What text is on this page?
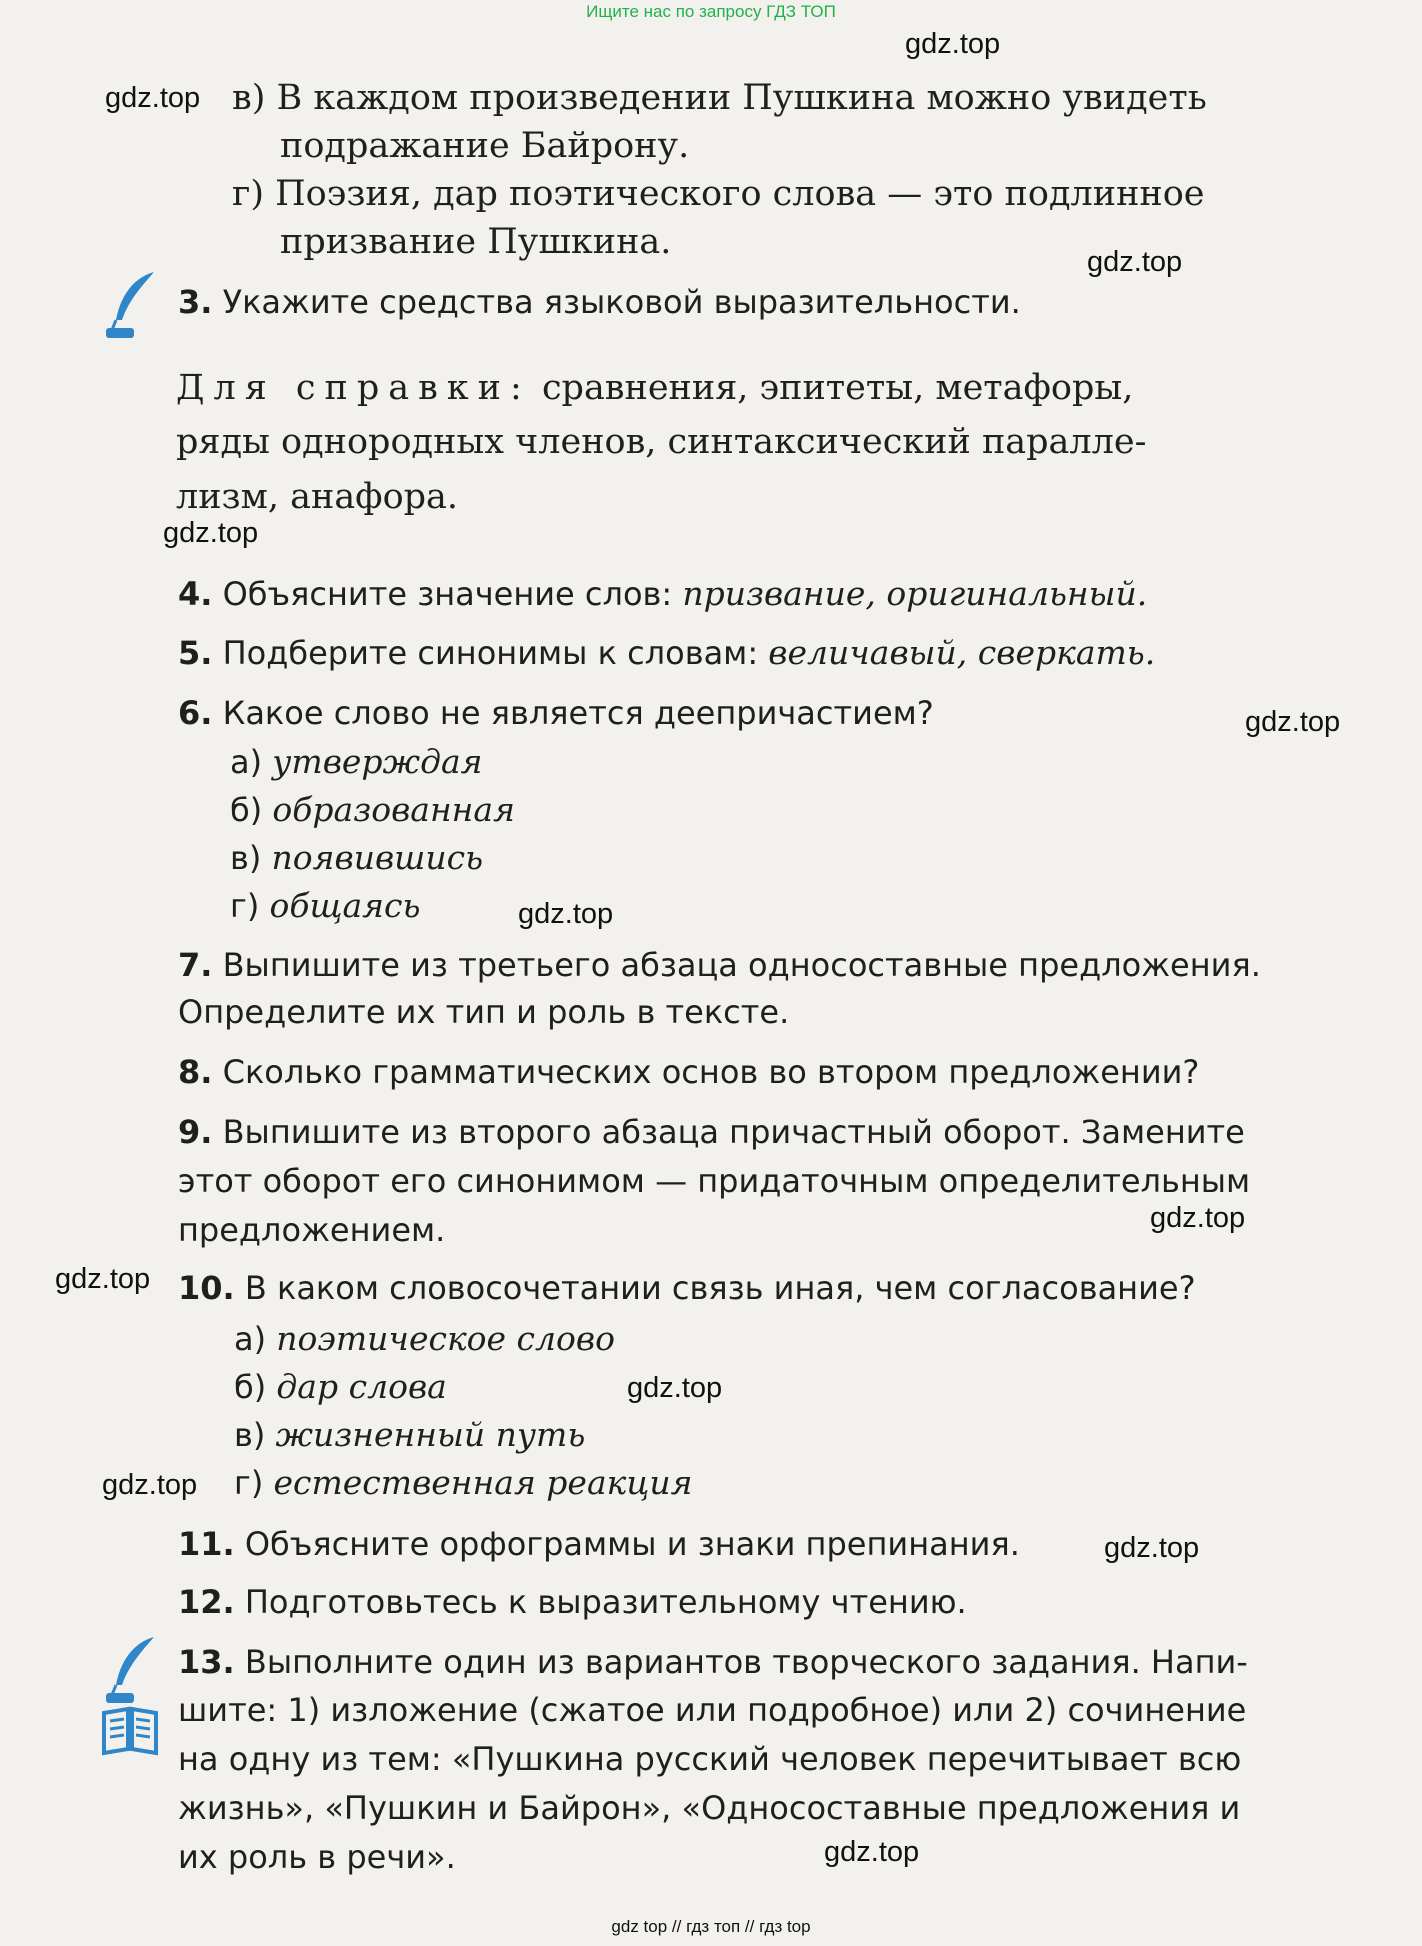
Ищите нас по запросу ГДЗ ТОП
gdz.top
gdz.top
gdz.top
gdz.top
gdz.top
gdz.top
gdz.top
gdz.top
gdz.top
gdz.top
gdz.top
gdz.top
в) В каждом произведении Пушкина можно увидеть
подражание Байрону.
г) Поэзия, дар поэтического слова — это подлинное
призвание Пушкина.
3. Укажите средства языковой выразительности.
Для справки: сравнения, эпитеты, метафоры,
ряды однородных членов, синтаксический паралле-
лизм, анафора.
4. Объясните значение слов: призвание, оригинальный.
5. Подберите синонимы к словам: величавый, сверкать.
6. Какое слово не является деепричастием?
а) утверждая
б) образованная
в) появившись
г) общаясь
7. Выпишите из третьего абзаца односоставные предложения.
Определите их тип и роль в тексте.
8. Сколько грамматических основ во втором предложении?
9. Выпишите из второго абзаца причастный оборот. Замените
этот оборот его синонимом — придаточным определительным
предложением.
10. В каком словосочетании связь иная, чем согласование?
а) поэтическое слово
б) дар слова
в) жизненный путь
г) естественная реакция
11. Объясните орфограммы и знаки препинания.
12. Подготовьтесь к выразительному чтению.
13. Выполните один из вариантов творческого задания. Напи-
шите: 1) изложение (сжатое или подробное) или 2) сочинение
на одну из тем: «Пушкина русский человек перечитывает всю
жизнь», «Пушкин и Байрон», «Односоставные предложения и
их роль в речи».
gdz top // гдз топ // гдз top
